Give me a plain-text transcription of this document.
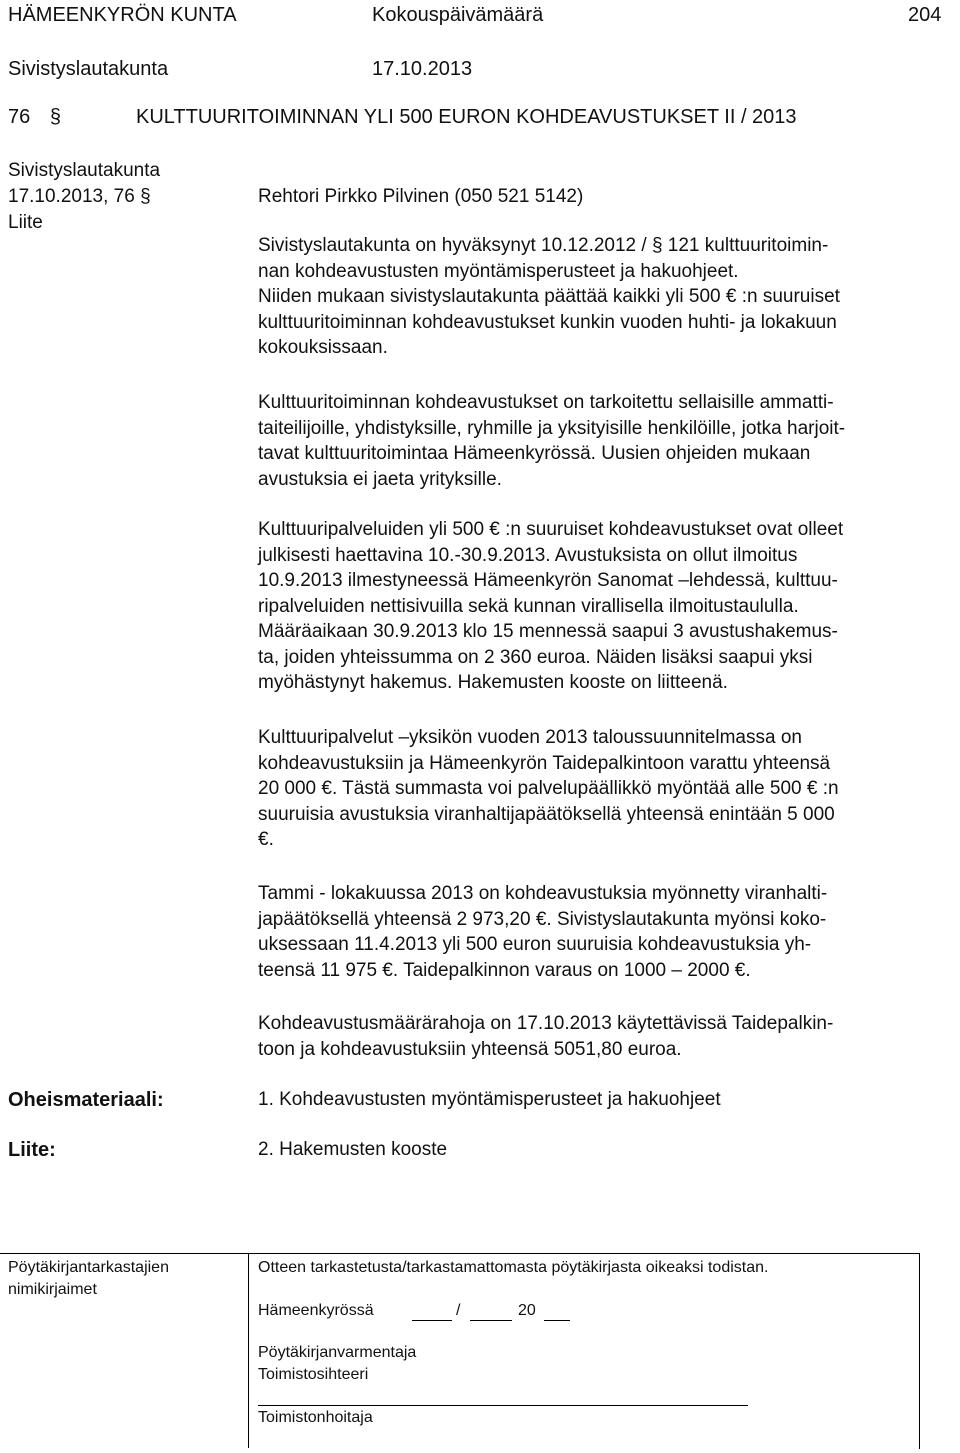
HÄMEENKYRÖN KUNTA	Kokouspäivämäärä	204
Sivistyslautakunta	17.10.2013
76 §	KULTTUURITOIMINNAN YLI 500 EURON KOHDEAVUSTUKSET II / 2013
Sivistyslautakunta
17.10.2013, 76 §
Liite
Rehtori Pirkko Pilvinen (050 521 5142)
Sivistyslautakunta on hyväksynyt 10.12.2012 / § 121 kulttuuritoimin-
nan kohdeavustusten myöntämisperusteet ja hakuohjeet.
Niiden mukaan sivistyslautakunta päättää kaikki yli 500 € :n suuruiset
kulttuuritoiminnan kohdeavustukset kunkin vuoden huhti- ja lokakuun
kokouksissaan.
Kulttuuritoiminnan kohdeavustukset on tarkoitettu sellaisille ammatti-
taiteilijoille, yhdistyksille, ryhmille ja yksityisille henkilöille, jotka harjoit-
tavat kulttuuritoimintaa Hämeenkyrössä. Uusien ohjeiden mukaan
avustuksia ei jaeta yrityksille.
Kulttuuripalveluiden yli 500 € :n suuruiset kohdeavustukset ovat olleet
julkisesti haettavina 10.-30.9.2013. Avustuksista on ollut ilmoitus
10.9.2013 ilmestyneessä Hämeenkyrön Sanomat –lehdessä, kulttuu-
ripalveluiden nettisivuilla sekä kunnan virallisella ilmoitustaululla.
Määräaikaan 30.9.2013 klo 15 mennessä saapui 3 avustushakemus-
ta, joiden yhteissumma on 2 360 euroa. Näiden lisäksi saapui yksi
myöhästynyt hakemus. Hakemusten kooste on liitteenä.
Kulttuuripalvelut –yksikön vuoden 2013 taloussuunnitelmassa on
kohdeavustuksiin ja Hämeenkyrön Taidepalkintoon varattu yhteensä
20 000 €. Tästä summasta voi palvelupäällikkö myöntää alle 500 € :n
suuruisia avustuksia viranhaltijapäätöksellä yhteensä enintään 5 000
€.
Tammi - lokakuussa 2013 on kohdeavustuksia myönnetty viranhalti-
japäätöksellä yhteensä 2 973,20 €. Sivistyslautakunta myönsi koko-
uksessaan 11.4.2013 yli 500 euron suuruisia kohdeavustuksia yh-
teensä 11 975 €. Taidepalkinnon varaus on 1000 – 2000 €.
Kohdeavustusmäärärahoja on 17.10.2013 käytettävissä Taidepalkin-
toon ja kohdeavustuksiin yhteensä 5051,80 euroa.
Oheismateriaali:	1. Kohdeavustusten myöntämisperusteet ja hakuohjeet
Liite:	2. Hakemusten kooste
Pöytäkirjantarkastajien
nimikirjaimet
Otteen tarkastetusta/tarkastamattomasta pöytäkirjasta oikeaksi todistan.
Hämeenkyrössä	/	20
Pöytäkirjanvarmentaja
Toimistosihteeri
Toimistonhoitaja
